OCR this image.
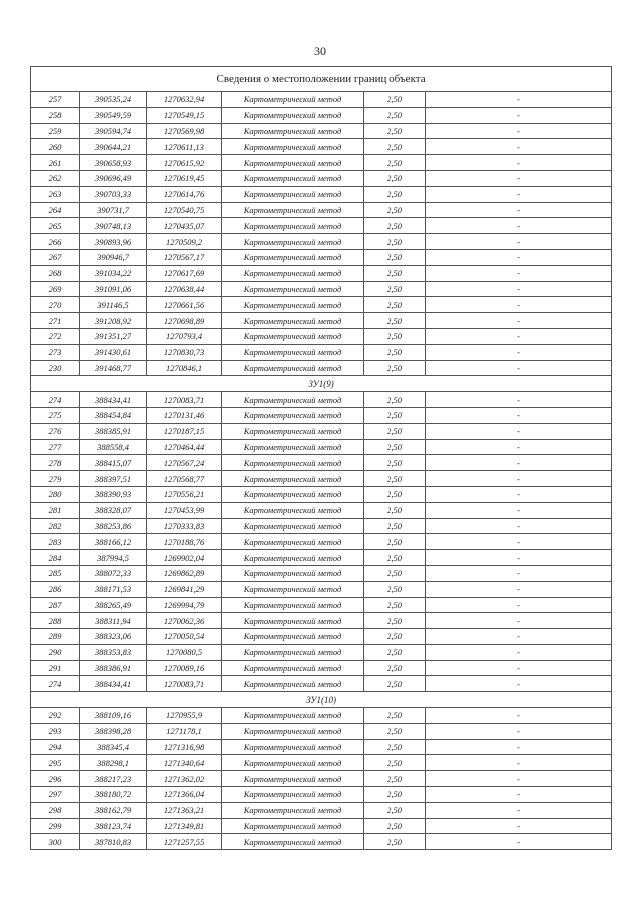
30
Сведения о местоположении границ объекта					
257	390535,24	1270632,94	Картометрический метод	2,50	-
258	390549,59	1270549,15	Картометрический метод	2,50	-
259	390594,74	1270569,98	Картометрический метод	2,50	-
260	390644,21	1270611,13	Картометрический метод	2,50	-
261	390658,93	1270615,92	Картометрический метод	2,50	-
262	390696,49	1270619,45	Картометрический метод	2,50	-
263	390703,33	1270614,76	Картометрический метод	2,50	-
264	390731,7	1270540,75	Картометрический метод	2,50	-
265	390748,13	1270435,07	Картометрический метод	2,50	-
266	390893,96	1270509,2	Картометрический метод	2,50	-
267	390946,7	1270567,17	Картометрический метод	2,50	-
268	391034,22	1270617,69	Картометрический метод	2,50	-
269	391091,06	1270638,44	Картометрический метод	2,50	-
270	391146,5	1270661,56	Картометрический метод	2,50	-
271	391208,92	1270698,89	Картометрический метод	2,50	-
272	391351,27	1270793,4	Картометрический метод	2,50	-
273	391430,61	1270830,73	Картометрический метод	2,50	-
230	391468,77	1270846,1	Картометрический метод	2,50	-
ЗУ1(9)					
274	388434,41	1270083,71	Картометрический метод	2,50	-
275	388454,84	1270131,46	Картометрический метод	2,50	-
276	388385,91	1270187,15	Картометрический метод	2,50	-
277	388558,4	1270464,44	Картометрический метод	2,50	-
278	388415,07	1270567,24	Картометрический метод	2,50	-
279	388397,51	1270568,77	Картометрический метод	2,50	-
280	388390,93	1270556,21	Картометрический метод	2,50	-
281	388328,07	1270453,99	Картометрический метод	2,50	-
282	388253,86	1270333,83	Картометрический метод	2,50	-
283	388166,12	1270188,76	Картометрический метод	2,50	-
284	387994,5	1269902,04	Картометрический метод	2,50	-
285	388072,33	1269862,89	Картометрический метод	2,50	-
286	388171,53	1269841,29	Картометрический метод	2,50	-
287	388265,49	1269994,79	Картометрический метод	2,50	-
288	388311,94	1270062,36	Картометрический метод	2,50	-
289	388323,06	1270050,54	Картометрический метод	2,50	-
290	388353,83	1270080,5	Картометрический метод	2,50	-
291	388386,91	1270089,16	Картометрический метод	2,50	-
274	388434,41	1270083,71	Картометрический метод	2,50	-
ЗУ1(10)					
292	388109,16	1270955,9	Картометрический метод	2,50	-
293	388398,28	1271178,1	Картометрический метод	2,50	-
294	388345,4	1271316,98	Картометрический метод	2,50	-
295	388298,1	1271340,64	Картометрический метод	2,50	-
296	388217,23	1271362,02	Картометрический метод	2,50	-
297	388180,72	1271366,04	Картометрический метод	2,50	-
298	388162,79	1271363,21	Картометрический метод	2,50	-
299	388123,74	1271349,81	Картометрический метод	2,50	-
300	387810,83	1271257,55	Картометрический метод	2,50	-
